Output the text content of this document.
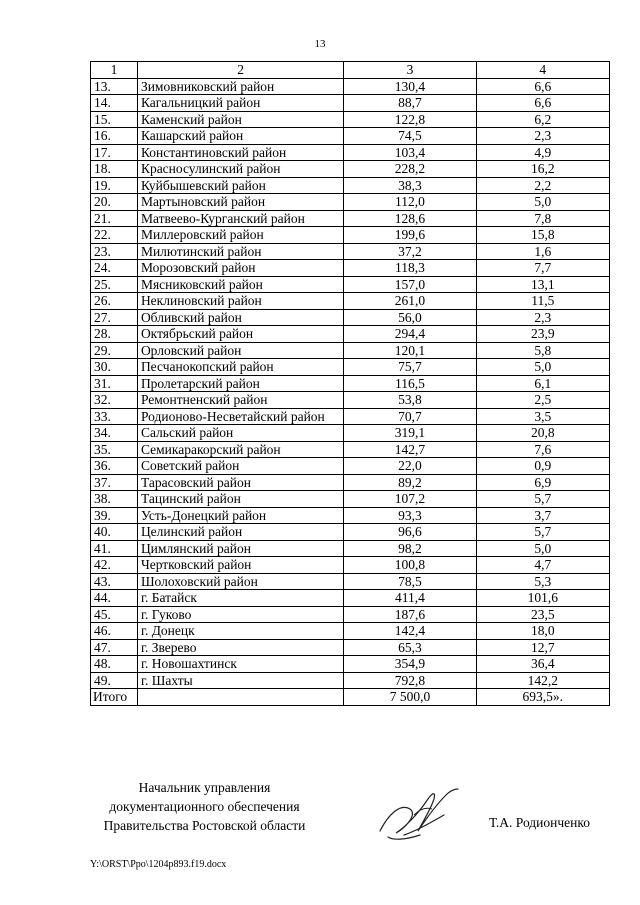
13
1	2	3	4
13.	Зимовниковский район	130,4	6,6
14.	Кагальницкий район	88,7	6,6
15.	Каменский район	122,8	6,2
16.	Кашарский район	74,5	2,3
17.	Константиновский район	103,4	4,9
18.	Красносулинский район	228,2	16,2
19.	Куйбышевский район	38,3	2,2
20.	Мартыновский район	112,0	5,0
21.	Матвеево-Курганский район	128,6	7,8
22.	Миллеровский район	199,6	15,8
23.	Милютинский район	37,2	1,6
24.	Морозовский район	118,3	7,7
25.	Мясниковский район	157,0	13,1
26.	Неклиновский район	261,0	11,5
27.	Обливский район	56,0	2,3
28.	Октябрьский район	294,4	23,9
29.	Орловский район	120,1	5,8
30.	Песчанокопский район	75,7	5,0
31.	Пролетарский район	116,5	6,1
32.	Ремонтненский район	53,8	2,5
33.	Родионово-Несветайский район	70,7	3,5
34.	Сальский район	319,1	20,8
35.	Семикаракорский район	142,7	7,6
36.	Советский район	22,0	0,9
37.	Тарасовский район	89,2	6,9
38.	Тацинский район	107,2	5,7
39.	Усть-Донецкий район	93,3	3,7
40.	Целинский район	96,6	5,7
41.	Цимлянский район	98,2	5,0
42.	Чертковский район	100,8	4,7
43.	Шолоховский район	78,5	5,3
44.	г. Батайск	411,4	101,6
45.	г. Гуково	187,6	23,5
46.	г. Донецк	142,4	18,0
47.	г. Зверево	65,3	12,7
48.	г. Новошахтинск	354,9	36,4
49.	г. Шахты	792,8	142,2
Итого		7 500,0	693,5».
Начальник управления
документационного обеспечения
Правительства Ростовской области	Т.А. Родионченко
Y:\ORST\Ppo\1204p893.f19.docx
